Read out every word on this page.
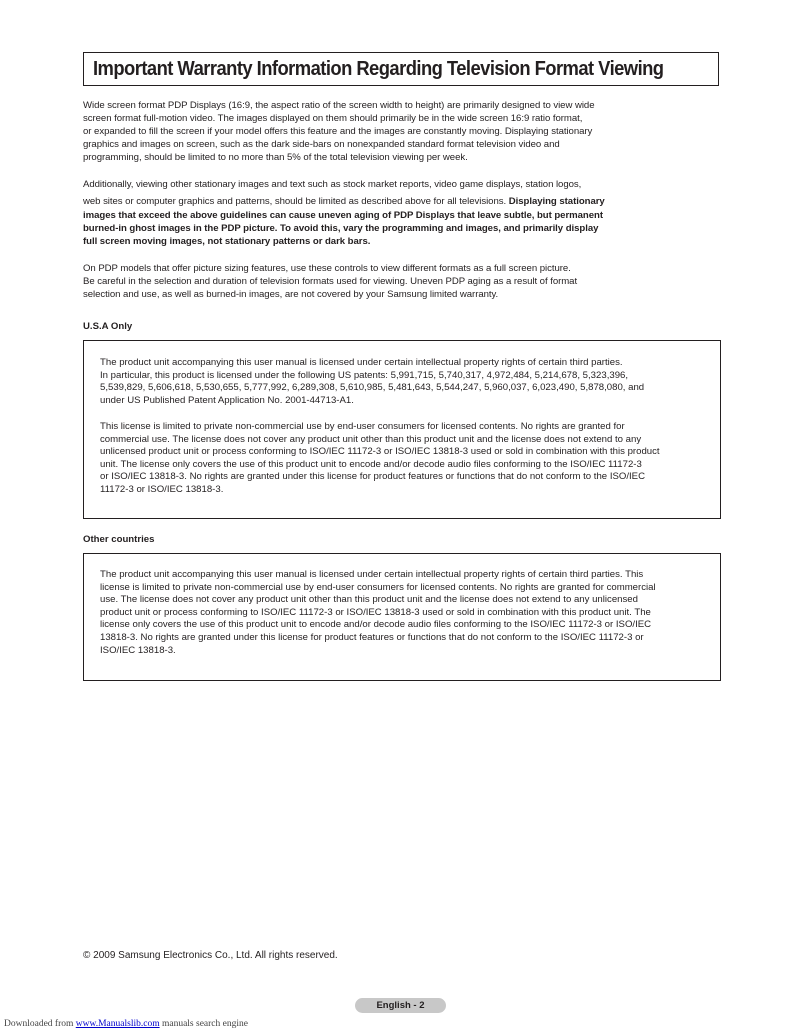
Important Warranty Information Regarding Television Format Viewing
Wide screen format PDP Displays (16:9, the aspect ratio of the screen width to height) are primarily designed to view wide
screen format full-motion video. The images displayed on them should primarily be in the wide screen 16:9 ratio format,
or expanded to fill the screen if your model offers this feature and the images are constantly moving. Displaying stationary
graphics and images on screen, such as the dark side-bars on nonexpanded standard format television video and
programming, should be limited to no more than 5% of the total television viewing per week.
Additionally, viewing other stationary images and text such as stock market reports, video game displays, station logos,
web sites or computer graphics and patterns, should be limited as described above for all televisions. Displaying stationary
images that exceed the above guidelines can cause uneven aging of PDP Displays that leave subtle, but permanent
burned-in ghost images in the PDP picture. To avoid this, vary the programming and images, and primarily display
full screen moving images, not stationary patterns or dark bars.
On PDP models that offer picture sizing features, use these controls to view different formats as a full screen picture.
Be careful in the selection and duration of television formats used for viewing. Uneven PDP aging as a result of format
selection and use, as well as burned-in images, are not covered by your Samsung limited warranty.
U.S.A Only
The product unit accompanying this user manual is licensed under certain intellectual property rights of certain third parties.
In particular, this product is licensed under the following US patents: 5,991,715, 5,740,317, 4,972,484, 5,214,678, 5,323,396,
5,539,829, 5,606,618, 5,530,655, 5,777,992, 6,289,308, 5,610,985, 5,481,643, 5,544,247, 5,960,037, 6,023,490, 5,878,080, and
under US Published Patent Application No. 2001-44713-A1.
This license is limited to private non-commercial use by end-user consumers for licensed contents. No rights are granted for
commercial use. The license does not cover any product unit other than this product unit and the license does not extend to any
unlicensed product unit or process conforming to ISO/IEC 11172-3 or ISO/IEC 13818-3 used or sold in combination with this product
unit. The license only covers the use of this product unit to encode and/or decode audio files conforming to the ISO/IEC 11172-3
or ISO/IEC 13818-3. No rights are granted under this license for product features or functions that do not conform to the ISO/IEC
11172-3 or ISO/IEC 13818-3.
Other countries
The product unit accompanying this user manual is licensed under certain intellectual property rights of certain third parties. This
license is limited to private non-commercial use by end-user consumers for licensed contents. No rights are granted for commercial
use. The license does not cover any product unit other than this product unit and the license does not extend to any unlicensed
product unit or process conforming to ISO/IEC 11172-3 or ISO/IEC 13818-3 used or sold in combination with this product unit. The
license only covers the use of this product unit to encode and/or decode audio files conforming to the ISO/IEC 11172-3 or ISO/IEC
13818-3. No rights are granted under this license for product features or functions that do not conform to the ISO/IEC 11172-3 or
ISO/IEC 13818-3.
© 2009 Samsung Electronics Co., Ltd. All rights reserved.
English - 2
Downloaded from www.Manualslib.com manuals search engine
